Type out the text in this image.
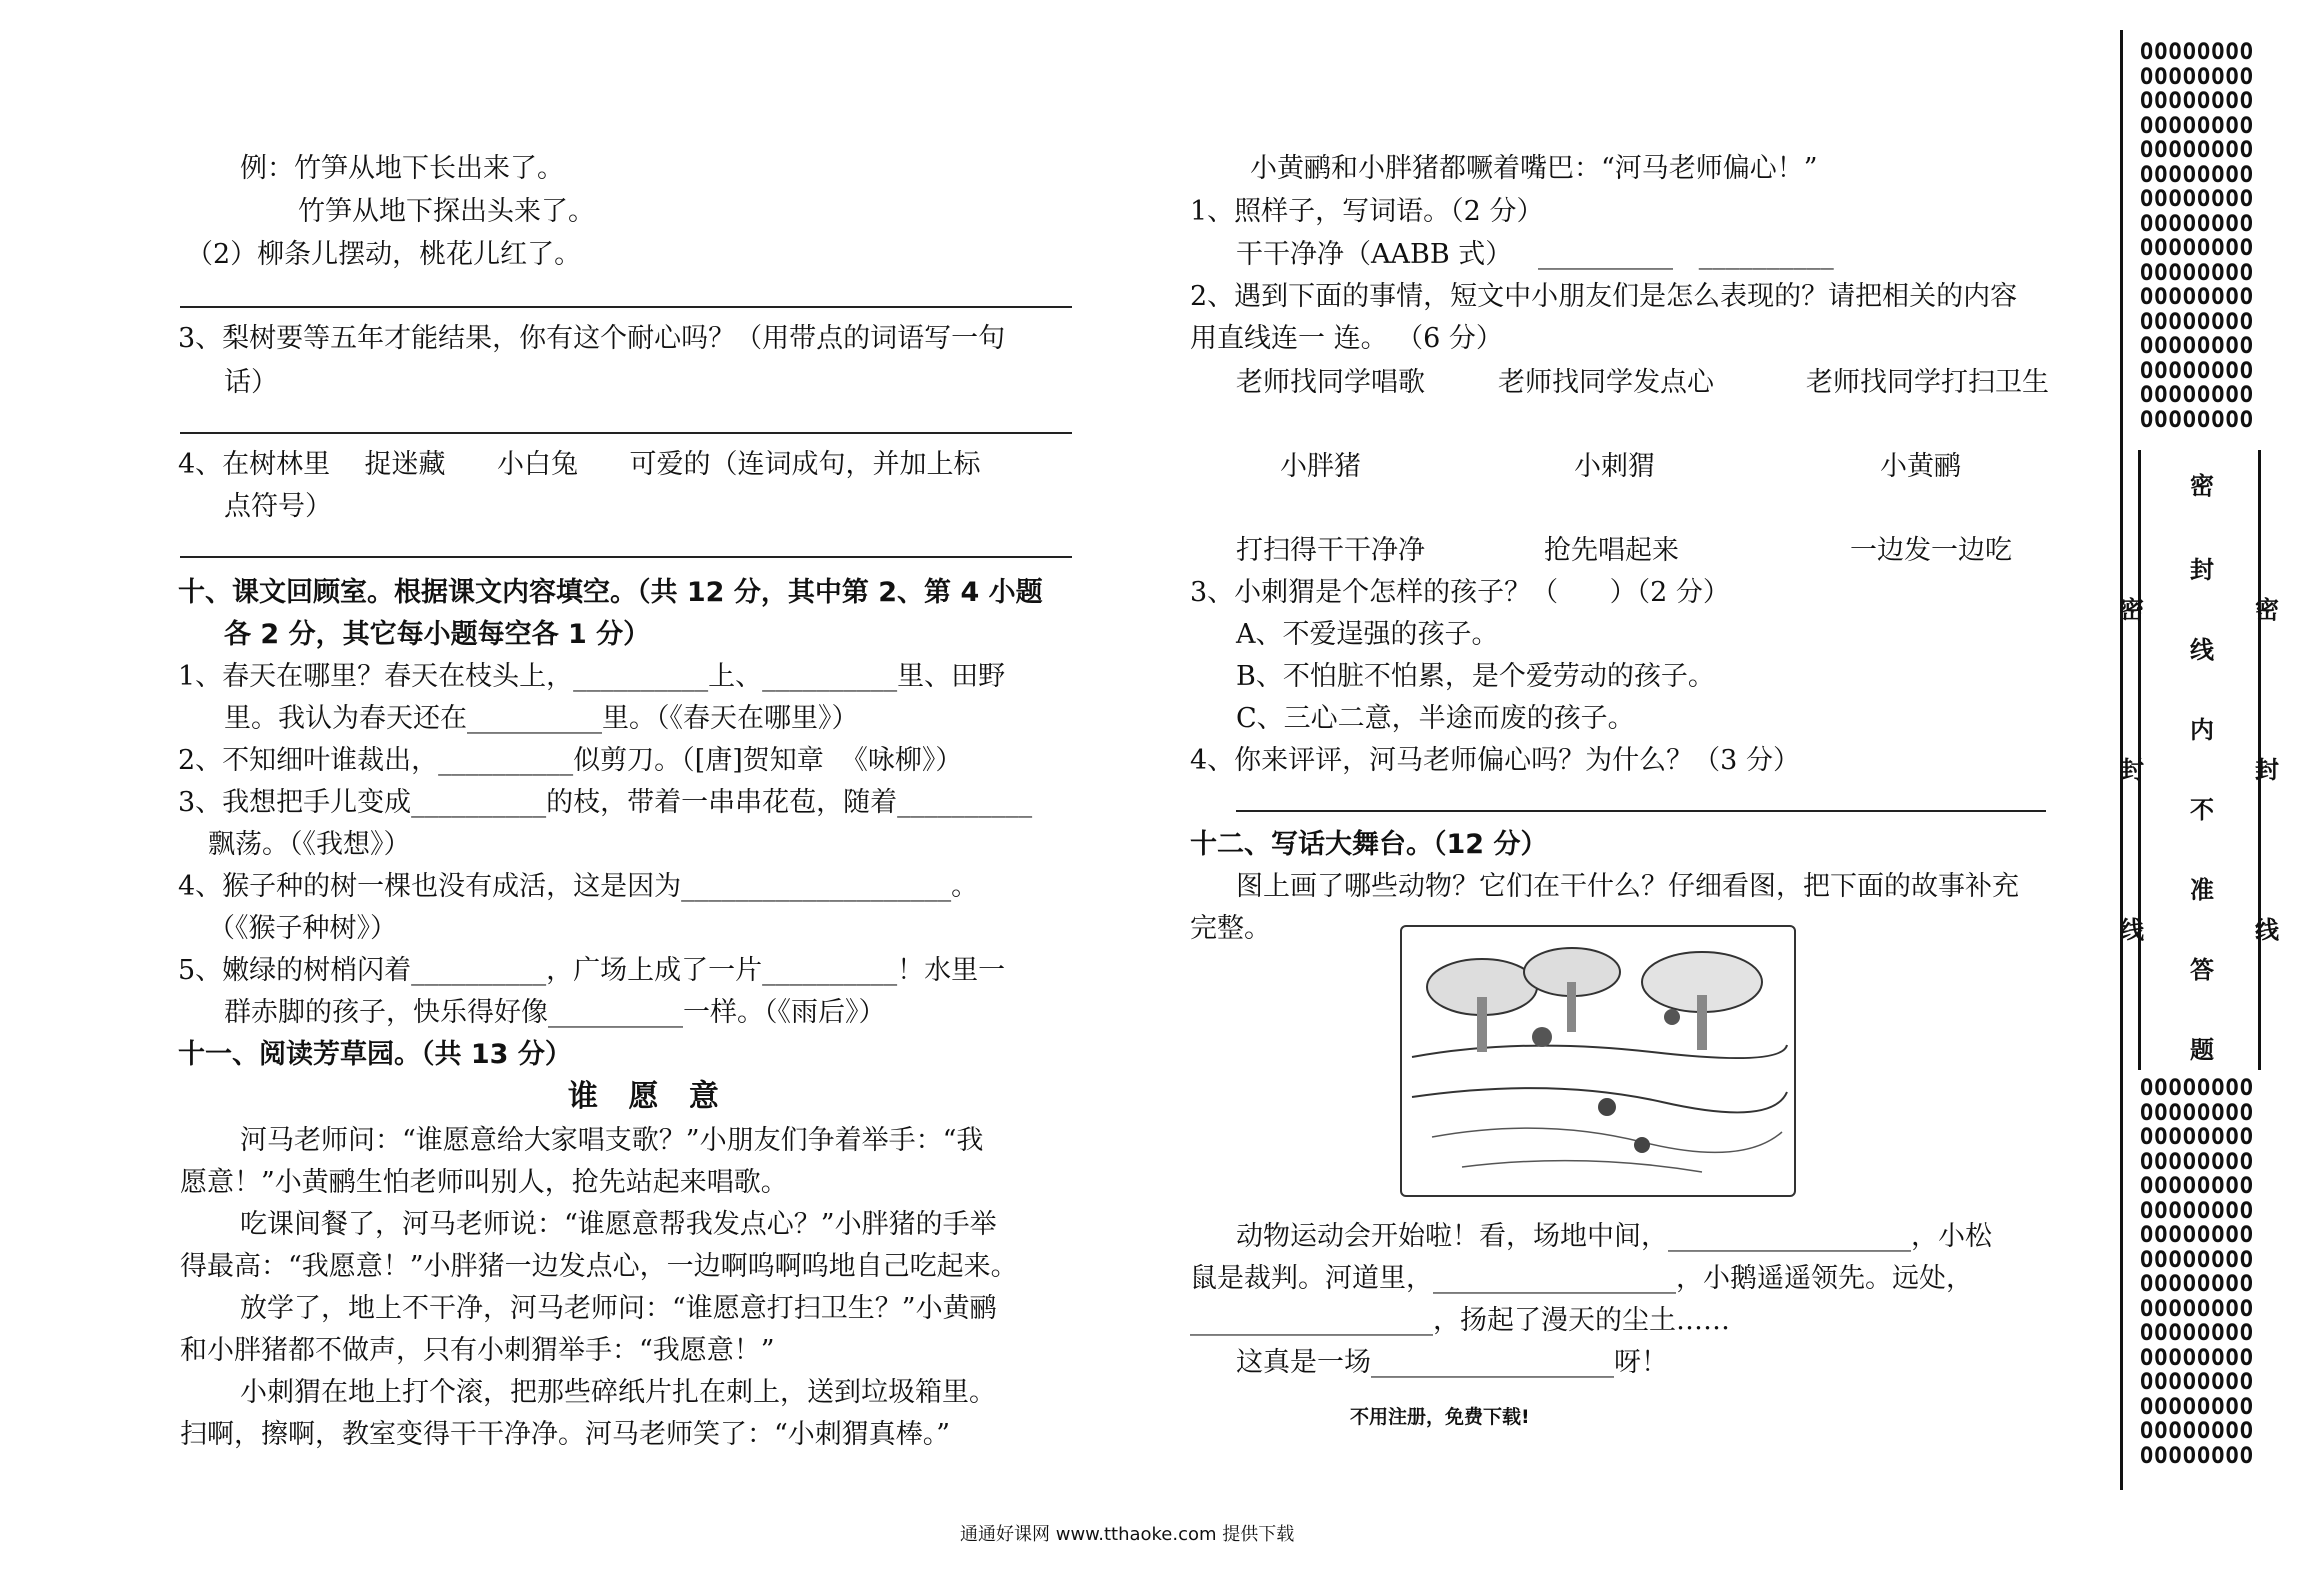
例：竹笋从地下长出来了。
竹笋从地下探出头来了。
（2）柳条儿摆动，桃花儿红了。
3、梨树要等五年才能结果，你有这个耐心吗？（用带点的词语写一句
话）
4、在树林里    捉迷藏      小白兔      可爱的（连词成句，并加上标
点符号）
十、课文回顾室。根据课文内容填空。（共 12 分，其中第 2、第 4 小题
各 2 分，其它每小题每空各 1 分）
1、春天在哪里？春天在枝头上，__________上、__________里、田野
里。我认为春天还在__________里。（《春天在哪里》）
2、不知细叶谁裁出，__________似剪刀。（[唐]贺知章  《咏柳》）
3、我想把手儿变成__________的枝，带着一串串花苞，随着__________
飘荡。（《我想》）
4、猴子种的树一棵也没有成活，这是因为____________________。
（《猴子种树》）
5、嫩绿的树梢闪着__________，广场上成了一片__________！水里一
群赤脚的孩子，快乐得好像__________一样。（《雨后》）
十一、阅读芳草园。（共 13 分）
谁 愿 意
河马老师问：“谁愿意给大家唱支歌？”小朋友们争着举手：“我
愿意！”小黄鹂生怕老师叫别人，抢先站起来唱歌。
吃课间餐了，河马老师说：“谁愿意帮我发点心？”小胖猪的手举
得最高：“我愿意！”小胖猪一边发点心，一边啊呜啊呜地自己吃起来。
放学了，地上不干净，河马老师问：“谁愿意打扫卫生？”小黄鹂
和小胖猪都不做声，只有小刺猬举手：“我愿意！”
小刺猬在地上打个滚，把那些碎纸片扎在刺上，送到垃圾箱里。
扫啊，擦啊，教室变得干干净净。河马老师笑了：“小刺猬真棒。”
小黄鹂和小胖猪都噘着嘴巴：“河马老师偏心！”
1、照样子，写词语。（2 分）
干干净净（AABB 式）   __________   __________
2、遇到下面的事情，短文中小朋友们是怎么表现的？请把相关的内容
用直线连一 连。 （6 分）
老师找同学唱歌	老师找同学发点心	老师找同学打扫卫生
小胖猪	小刺猬	小黄鹂
打扫得干干净净	抢先唱起来	一边发一边吃
3、小刺猬是个怎样的孩子？（      ）（2 分）
A、不爱逞强的孩子。
B、不怕脏不怕累，是个爱劳动的孩子。
C、三心二意，半途而废的孩子。
4、你来评评，河马老师偏心吗？为什么？（3 分）
十二、写话大舞台。（12 分）
图上画了哪些动物？它们在干什么？仔细看图，把下面的故事补充
完整。
动物运动会开始啦！看，场地中间，__________________，小松
鼠是裁判。河道里，__________________，小鹅遥遥领先。远处，
__________________，扬起了漫天的尘土……
这真是一场__________________呀！
不用注册，免费下载!
OOOOOOOO
OOOOOOOO
OOOOOOOO
OOOOOOOO
OOOOOOOO
OOOOOOOO
OOOOOOOO
OOOOOOOO
OOOOOOOO
OOOOOOOO
OOOOOOOO
OOOOOOOO
OOOOOOOO
OOOOOOOO
OOOOOOOO
OOOOOOOO
OOOOOOOO
OOOOOOOO
OOOOOOOO
OOOOOOOO
OOOOOOOO
OOOOOOOO
OOOOOOOO
OOOOOOOO
OOOOOOOO
OOOOOOOO
OOOOOOOO
OOOOOOOO
OOOOOOOO
OOOOOOOO
OOOOOOOO
OOOOOOOO
密
封
线
内
不
准
答
题
密
封
线
密
封
线
通通好课网 www.tthaoke.com 提供下载
